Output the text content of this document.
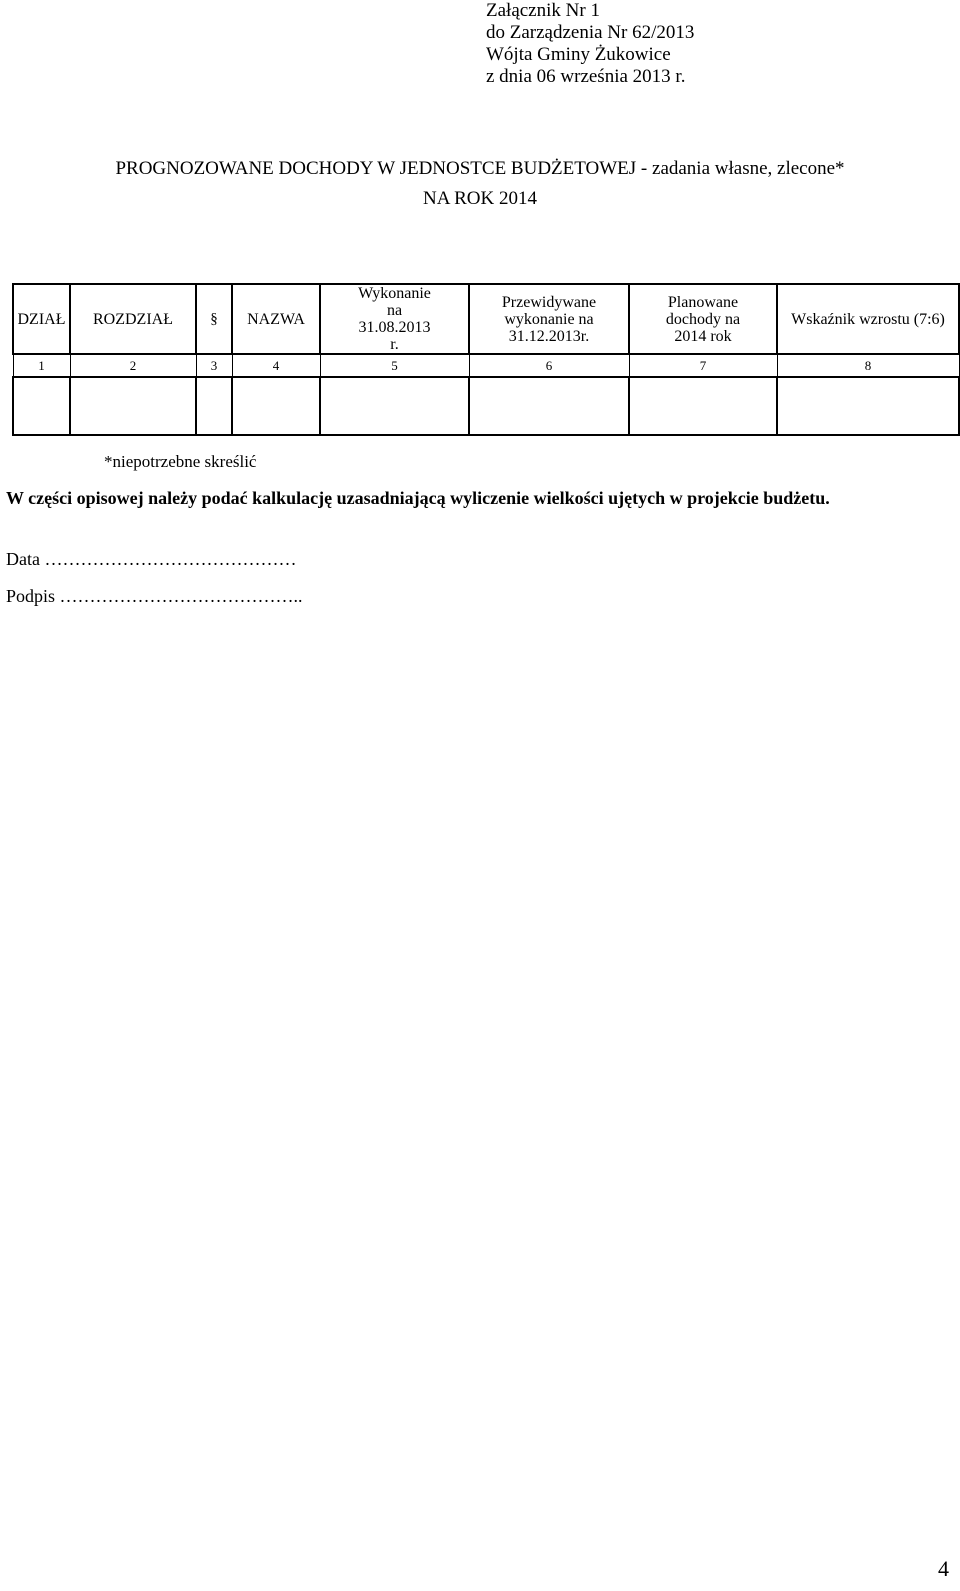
Załącznik Nr 1
do Zarządzenia Nr 62/2013
Wójta Gminy Żukowice
z dnia 06 września 2013 r.
PROGNOZOWANE DOCHODY W JEDNOSTCE BUDŻETOWEJ - zadania własne, zlecone*
NA ROK 2014
DZIAŁ	ROZDZIAŁ	§	NAZWA	Wykonanie na 31.08.2013 r.	Przewidywane wykonanie na 31.12.2013r.	Planowane dochody na 2014 rok	Wskaźnik wzrostu (7:6)

1	2	3	4	5	6	7	8

*niepotrzebne skreślić
W części opisowej należy podać kalkulację uzasadniającą wyliczenie wielkości ujętych w projekcie budżetu.
Data ……………………………………
Podpis …………………………………..
4
